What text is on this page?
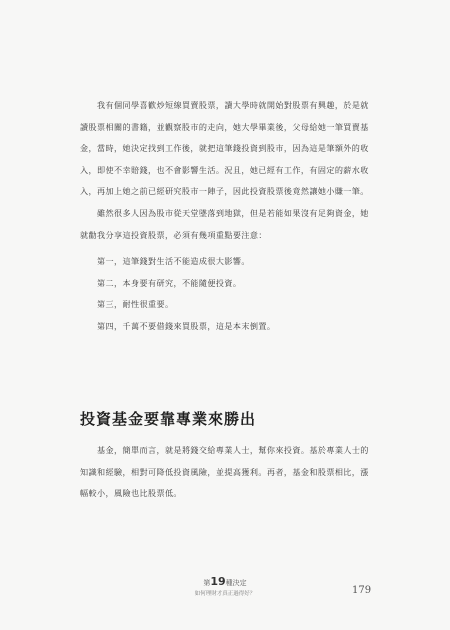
我有個同學喜歡炒短線買賣股票，讀大學時就開始對股票有興趣，於是就讀股票相關的書籍，並觀察股市的走向，她大學畢業後，父母給她一筆買賣基金，當時，她決定找到工作後，就把這筆錢投資到股市，因為這是筆額外的收入，即使不幸賠錢，也不會影響生活。況且，她已經有工作，有固定的薪水收入，再加上她之前已經研究股市一陣子，因此投資股票後竟然讓她小賺一筆。

雖然很多人因為股市從天堂墜落到地獄，但是若能如果沒有足夠資金，她就勸我分享這投資股票，必須有幾項重點要注意：

第一，這筆錢對生活不能造成很大影響。

第二，本身要有研究，不能隨便投資。

第三，耐性很重要。

第四，千萬不要借錢來買股票，這是本末倒置。

投資基金要靠專業來勝出

基金，簡單而言，就是將錢交給專業人士，幫你來投資。基於專業人士的知識和經驗，相對可降低投資風險，並提高獲利。再者，基金和股票相比，漲幅較小，風險也比股票低。

第19種決定
如何理財才真正過得好？	179
